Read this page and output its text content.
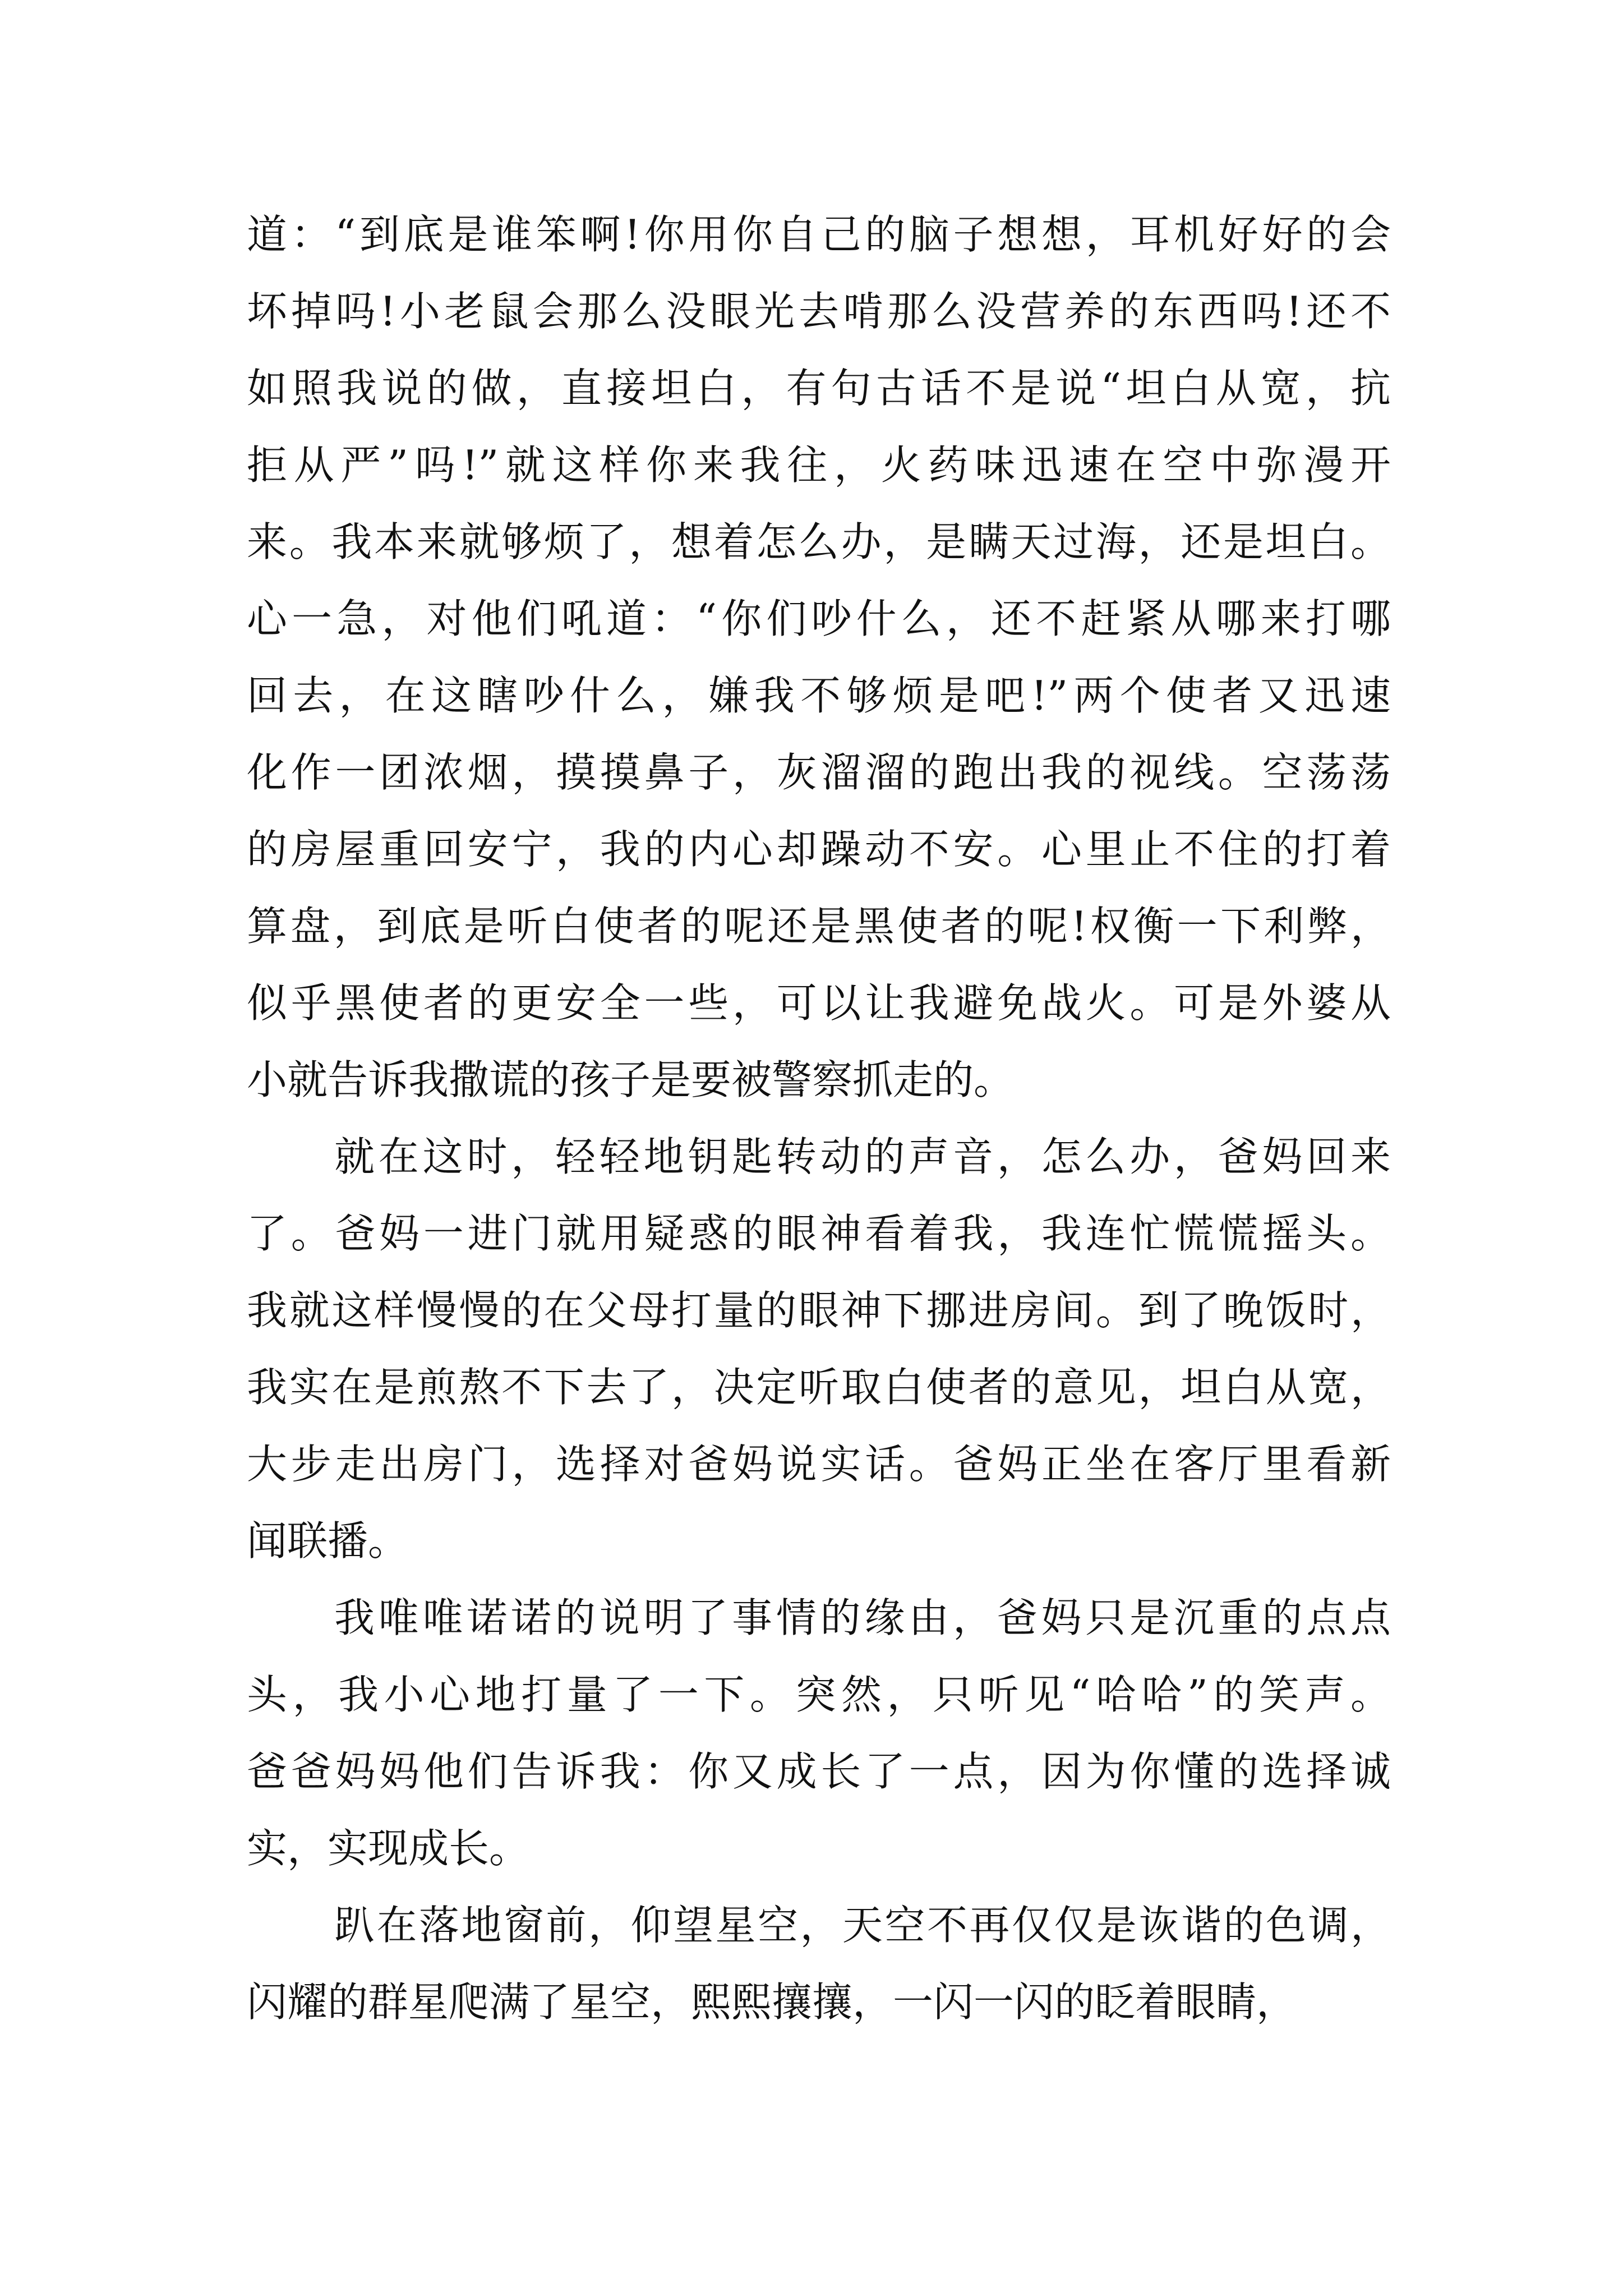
道：“到底是谁笨啊!你用你自己的脑子想想，耳机好好的会
坏掉吗!小老鼠会那么没眼光去啃那么没营养的东西吗!还不
如照我说的做，直接坦白，有句古话不是说“坦白从宽，抗
拒从严”吗!”就这样你来我往，火药味迅速在空中弥漫开
来。我本来就够烦了，想着怎么办，是瞒天过海，还是坦白。
心一急，对他们吼道：“你们吵什么，还不赶紧从哪来打哪
回去，在这瞎吵什么，嫌我不够烦是吧!”两个使者又迅速
化作一团浓烟，摸摸鼻子，灰溜溜的跑出我的视线。空荡荡
的房屋重回安宁，我的内心却躁动不安。心里止不住的打着
算盘，到底是听白使者的呢还是黑使者的呢!权衡一下利弊，
似乎黑使者的更安全一些，可以让我避免战火。可是外婆从
小就告诉我撒谎的孩子是要被警察抓走的。
就在这时，轻轻地钥匙转动的声音，怎么办，爸妈回来
了。爸妈一进门就用疑惑的眼神看着我，我连忙慌慌摇头。
我就这样慢慢的在父母打量的眼神下挪进房间。到了晚饭时，
我实在是煎熬不下去了，决定听取白使者的意见，坦白从宽，
大步走出房门，选择对爸妈说实话。爸妈正坐在客厅里看新
闻联播。
我唯唯诺诺的说明了事情的缘由，爸妈只是沉重的点点
头，我小心地打量了一下。突然，只听见“哈哈”的笑声。
爸爸妈妈他们告诉我：你又成长了一点，因为你懂的选择诚
实，实现成长。
趴在落地窗前，仰望星空，天空不再仅仅是诙谐的色调，
闪耀的群星爬满了星空，熙熙攘攘，一闪一闪的眨着眼睛，
